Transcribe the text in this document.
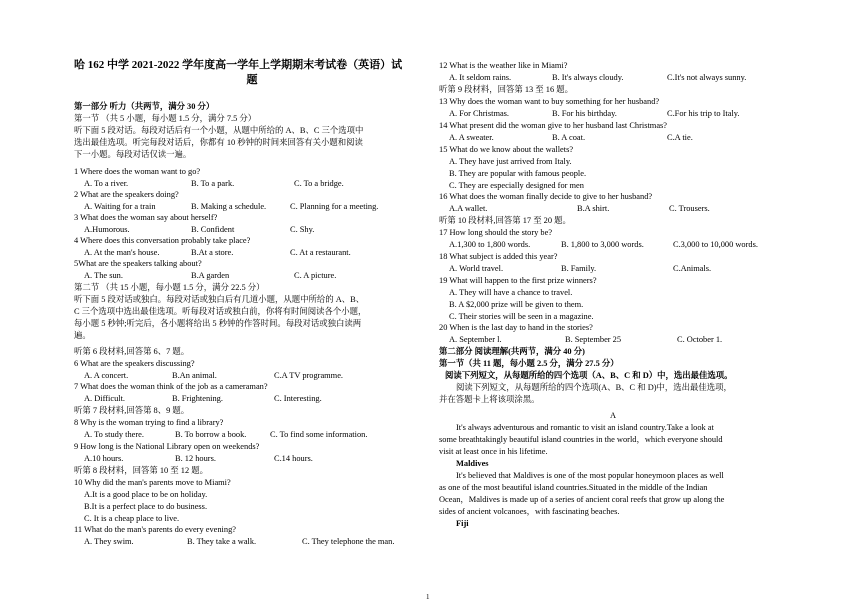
哈 162 中学 2021-2022 学年度高一学年上学期期末考试卷（英语）试
题
第一部分 听力（共两节，满分 30 分）
第一节 （共 5 小题，每小题 1.5 分，满分 7.5 分）
听下面 5 段对话。每段对话后有一个小题，从题中所给的 A、B、C 三个选项中
选出最佳选项。听完每段对话后，你都有 10 秒钟的时间来回答有关小题和阅读
下一小题。每段对话仅读一遍。
1 Where does the woman want to go?
A. To a river.	B. To a park.	C. To a bridge.
2 What are the speakers doing?
A. Waiting for a train	B. Making a schedule.	C. Planning for a meeting.
3 What does the woman say about herself?
A.Humorous.	B. Confident	C. Shy.
4 Where does this conversation probably take place?
A. At the man's house.	B.At a store.	C. At a restaurant.
5What are the speakers talking about?
A. The sun.	B.A garden	C. A picture.
第二节 （共 15 小题，每小题 1.5 分，满分 22.5 分）
听下面 5 段对话或独白。每段对话或独白后有几道小题，从题中所给的 A、B、
C 三个选项中选出最佳选项。听每段对话或独白前，你将有时间阅读各个小题，
每小题 5 秒钟;听完后，各小题将给出 5 秒钟的作答时间。每段对话或独白读两
遍。
听第 6 段材料,回答第 6、7 题。
6 What are the speakers discussing?
A. A concert.	B.An animal.	C.A TV programme.
7 What does the woman think of the job as a cameraman?
A. Difficult.	B. Frightening.	C. Interesting.
听第 7 段材料,回答第 8、9 题。
8 Why is the woman trying to find a library?
A. To study there.	B. To borrow a book.	C. To find some information.
9 How long is the National Library open on weekends?
A.10 hours.	B. 12 hours.	C.14 hours.
听第 8 段材料，回答第 10 至 12 题。
10 Why did the man's parents move to Miami?
A.It is a good place to be on holiday.
B.It is a perfect place to do business.
C. It is a cheap place to live.
11 What do the man's parents do every evening?
A. They swim.	B. They take a walk.	C. They telephone the man.
12 What is the weather like in Miami?
A. It seldom rains.	B. It's always cloudy.	C.It's not always sunny.
听第 9 段材料，回答第 13 至 16 题。
13 Why does the woman want to buy something for her husband?
A. For Christmas.	B. For his birthday.	C.For his trip to Italy.
14 What present did the woman give to her husband last Christmas?
A. A sweater.	B. A coat.	C.A tie.
15 What do we know about the wallets?
A. They have just arrived from Italy.
B. They are popular with famous people.
C. They are especially designed for men
16 What does the woman finally decide to give to her husband?
A.A wallet.	B.A shirt.	C. Trousers.
听第 10 段材料,回答第 17 至 20 题。
17 How long should the story be?
A.1,300 to 1,800 words.	B. 1,800 to 3,000 words.	C.3,000 to 10,000 words.
18 What subject is added this year?
A. World travel.	B. Family.	C.Animals.
19 What will happen to the first prize winners?
A. They will have a chance to travel.
B. A $2,000 prize will be given to them.
C. Their stories will be seen in a magazine.
20 When is the last day to hand in the stories?
A. September l.	B. September 25	C. October 1.
第二部分 阅读理解(共两节，满分 40 分)
第一节（共 11 题，每小题 2.5 分，满分 27.5 分）
阅读下列短文，从每题所给的四个选项（A、B、C 和 D）中，选出最佳选项。
阅读下列短文，从每题所给的四个选项(A、B、C 和 D)中，选出最佳选项，
并在答题卡上将该项涂黑。
A
It's always adventurous and romantic to visit an island country.Take a look at
some breathtakingly beautiful island countries in the world，which everyone should
visit at least once in his lifetime.
Maldives
It's believed that Maldives is one of the most popular honeymoon places as well
as one of the most beautiful island countries.Situated in the middle of the Indian
Ocean，Maldives is made up of a series of ancient coral reefs that grow up along the
sides of ancient volcanoes，with fascinating beaches.
Fiji
1
